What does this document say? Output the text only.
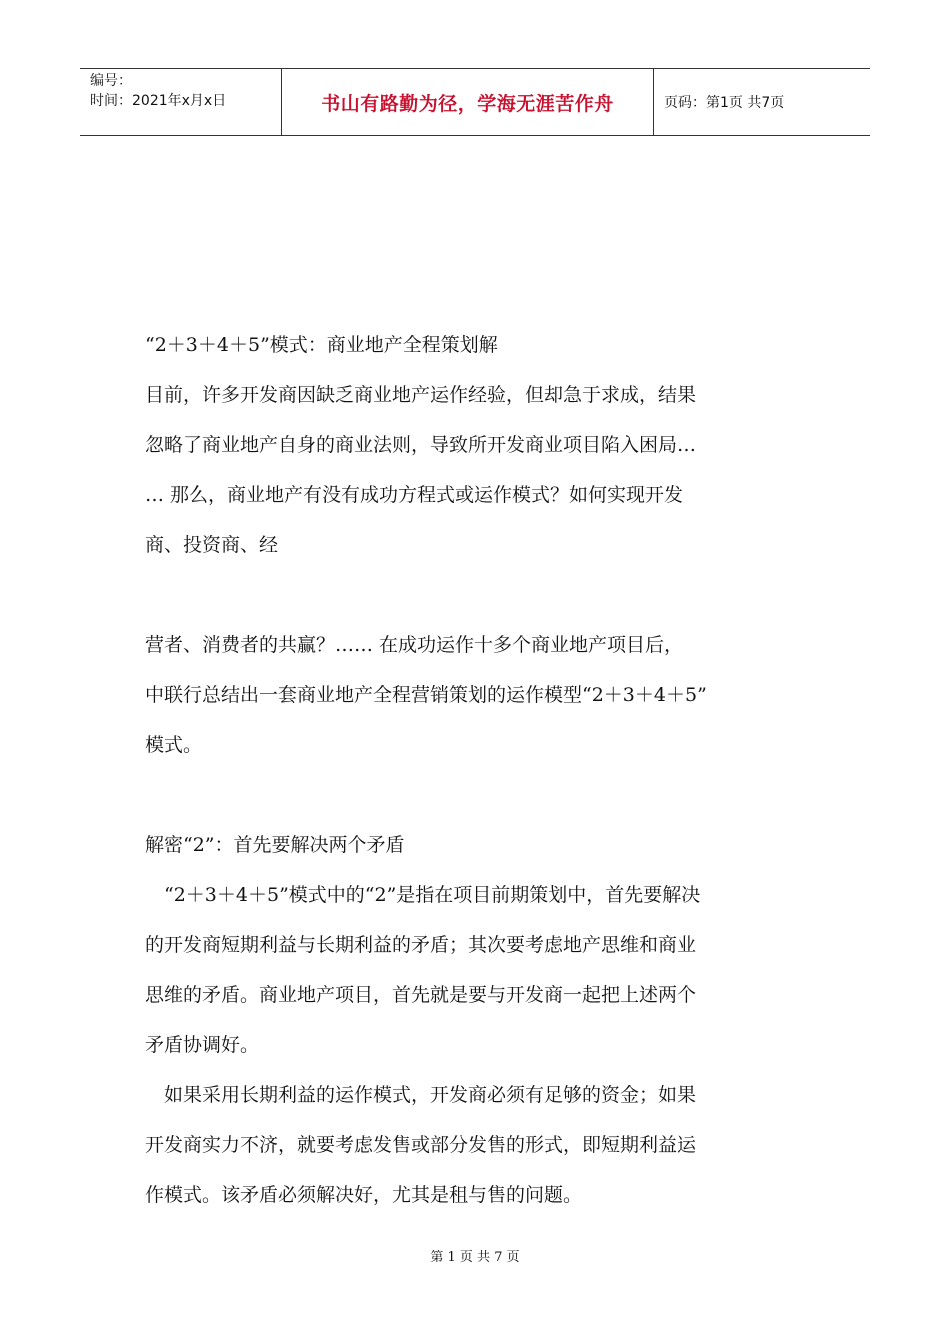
编号：
时间：2021年x月x日	书山有路勤为径，学海无涯苦作舟	页码：第1页 共7页

“2＋3＋4＋5”模式：商业地产全程策划解

目前，许多开发商因缺乏商业地产运作经验，但却急于求成，结果

忽略了商业地产自身的商业法则，导致所开发商业项目陷入困局…

… 那么，商业地产有没有成功方程式或运作模式？如何实现开发

商、投资商、经

营者、消费者的共赢？…… 在成功运作十多个商业地产项目后，

中联行总结出一套商业地产全程营销策划的运作模型“2＋3＋4＋5”

模式。

解密“2”：首先要解决两个矛盾

“2＋3＋4＋5”模式中的“2”是指在项目前期策划中，首先要解决

的开发商短期利益与长期利益的矛盾；其次要考虑地产思维和商业

思维的矛盾。商业地产项目，首先就是要与开发商一起把上述两个

矛盾协调好。

如果采用长期利益的运作模式，开发商必须有足够的资金；如果

开发商实力不济，就要考虑发售或部分发售的形式，即短期利益运

作模式。该矛盾必须解决好，尤其是租与售的问题。

第 1 页 共 7 页
